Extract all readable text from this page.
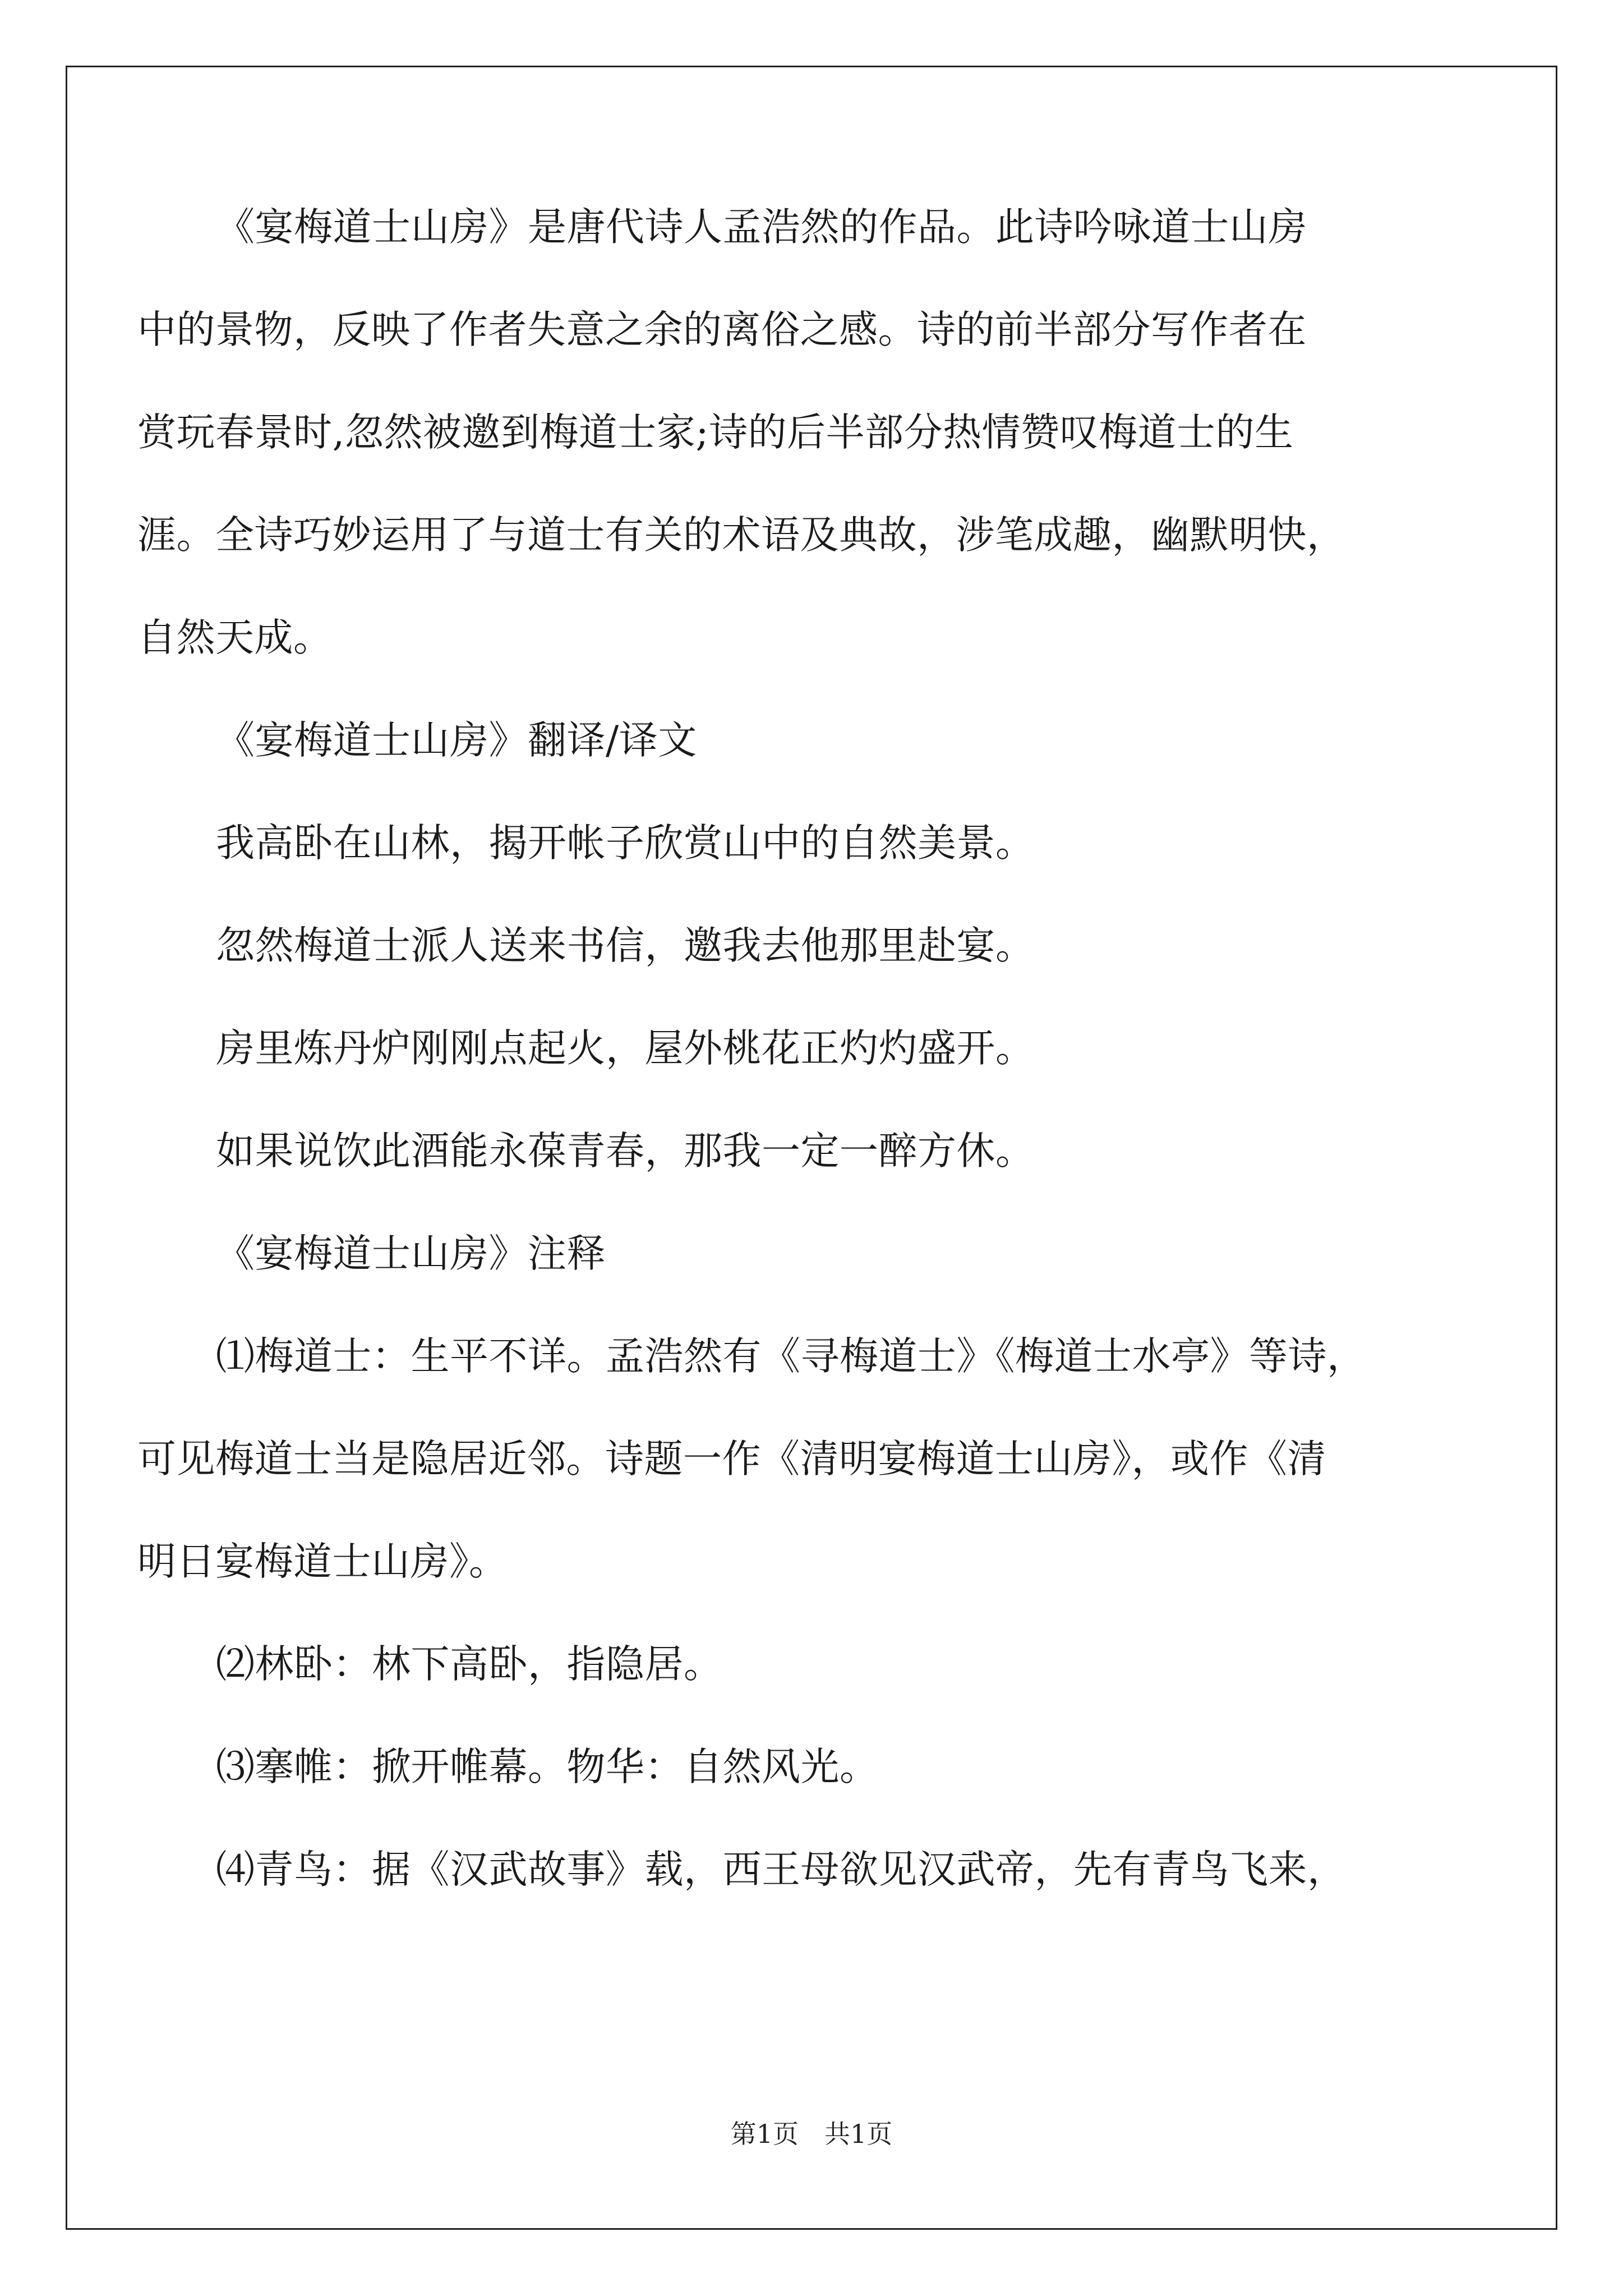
《宴梅道士山房》是唐代诗人孟浩然的作品。此诗吟咏道士山房
中的景物，反映了作者失意之余的离俗之感。诗的前半部分写作者在
赏玩春景时,忽然被邀到梅道士家;诗的后半部分热情赞叹梅道士的生
涯。全诗巧妙运用了与道士有关的术语及典故，涉笔成趣，幽默明快，
自然天成。
《宴梅道士山房》翻译/译文
我高卧在山林，揭开帐子欣赏山中的自然美景。
忽然梅道士派人送来书信，邀我去他那里赴宴。
房里炼丹炉刚刚点起火，屋外桃花正灼灼盛开。
如果说饮此酒能永葆青春，那我一定一醉方休。
《宴梅道士山房》注释
⑴梅道士：生平不详。孟浩然有《寻梅道士》《梅道士水亭》等诗，
可见梅道士当是隐居近邻。诗题一作《清明宴梅道士山房》，或作《清
明日宴梅道士山房》。
⑵林卧：林下高卧，指隐居。
⑶搴帷：掀开帷幕。物华：自然风光。
⑷青鸟：据《汉武故事》载，西王母欲见汉武帝，先有青鸟飞来，
第1页　共1页
